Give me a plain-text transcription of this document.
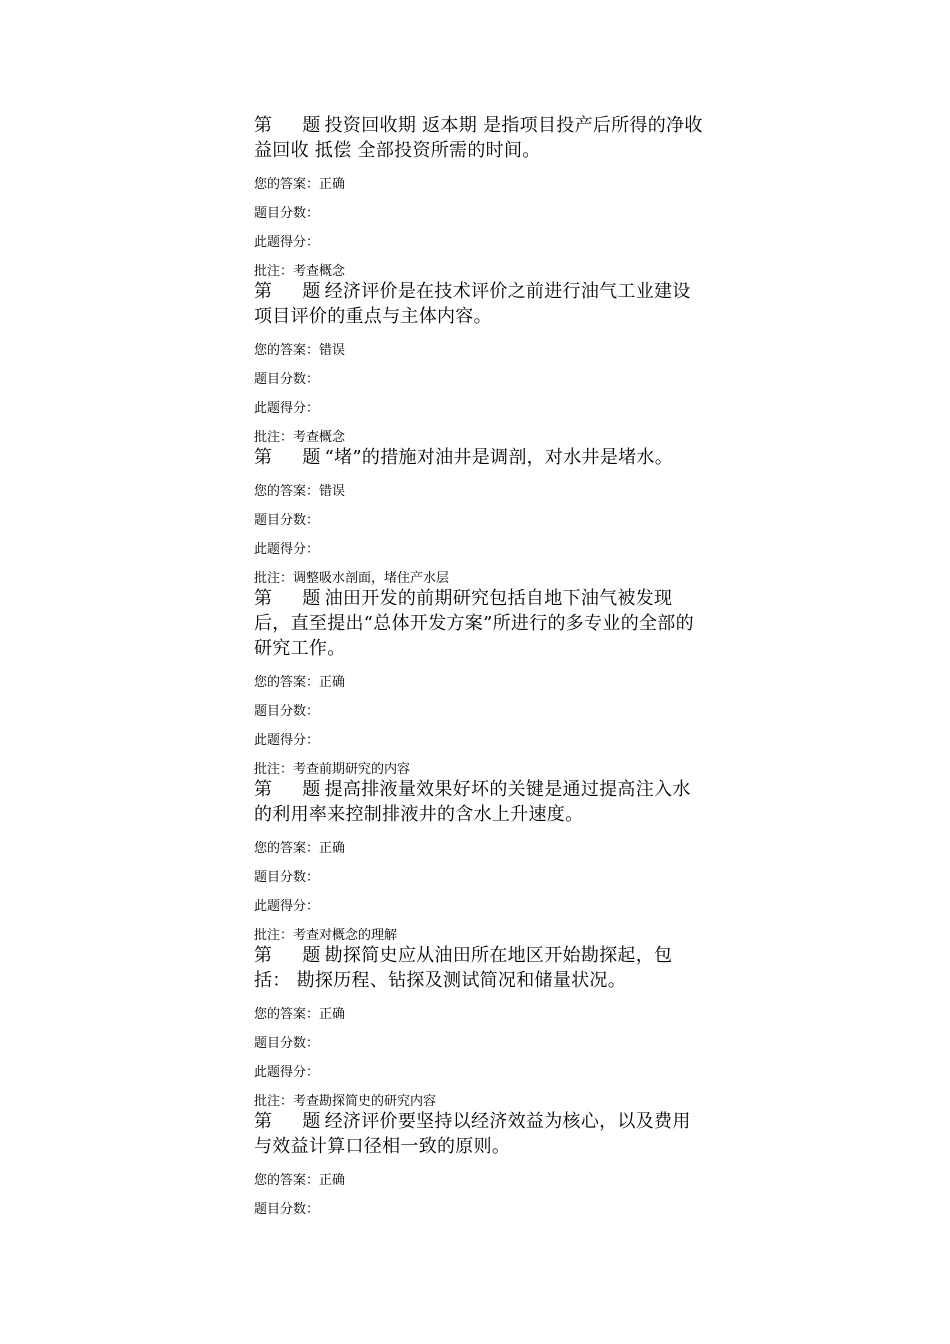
第 题 投资回收期 返本期 是指项目投产后所得的净收益回收 抵偿 全部投资所需的时间。

您的答案：正确

题目分数：

此题得分：

批注：考查概念

第 题 经济评价是在技术评价之前进行油气工业建设项目评价的重点与主体内容。

您的答案：错误

题目分数：

此题得分：

批注：考查概念

第 题 “堵”的措施对油井是调剖，对水井是堵水。

您的答案：错误

题目分数：

此题得分：

批注：调整吸水剖面，堵住产水层

第 题 油田开发的前期研究包括自地下油气被发现后，直至提出“总体开发方案”所进行的多专业的全部的研究工作。

您的答案：正确

题目分数：

此题得分：

批注：考查前期研究的内容

第 题 提高排液量效果好坏的关键是通过提高注入水的利用率来控制排液井的含水上升速度。

您的答案：正确

题目分数：

此题得分：

批注：考查对概念的理解

第 题 勘探简史应从油田所在地区开始勘探起，包括： 勘探历程、钻探及测试简况和储量状况。

您的答案：正确

题目分数：

此题得分：

批注：考查勘探简史的研究内容

第 题 经济评价要坚持以经济效益为核心，以及费用与效益计算口径相一致的原则。

您的答案：正确

题目分数：
